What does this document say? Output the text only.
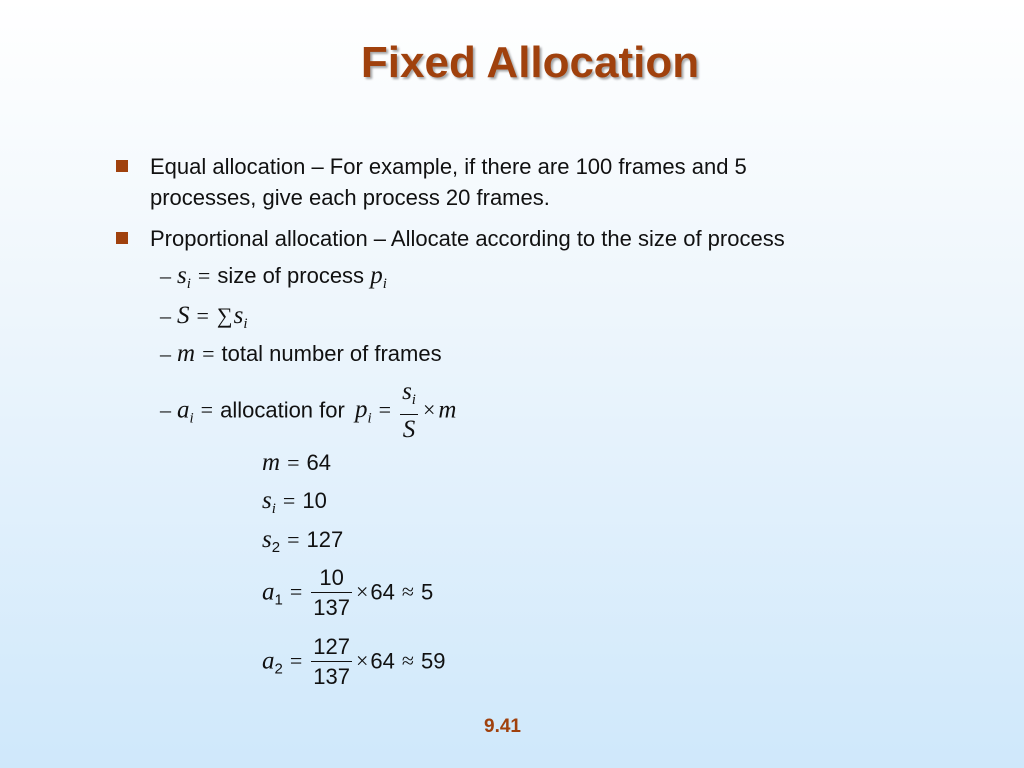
Fixed Allocation
Equal allocation – For example, if there are 100 frames and 5
processes, give each process 20 frames.
Proportional allocation – Allocate according to the size of process
– $s_i$ = size of process $p_i$
– $S = \sum s_i$
– m = total number of frames
– $a_i$ = allocation for $p_i = \frac{s_i}{S} \times m$
m = 64
$s_i = 10$
$s_2 = 127$
$a_1 = \frac{10}{137} \times 64 \approx 5$
$a_2 = \frac{127}{137} \times 64 \approx 59$
9.41
